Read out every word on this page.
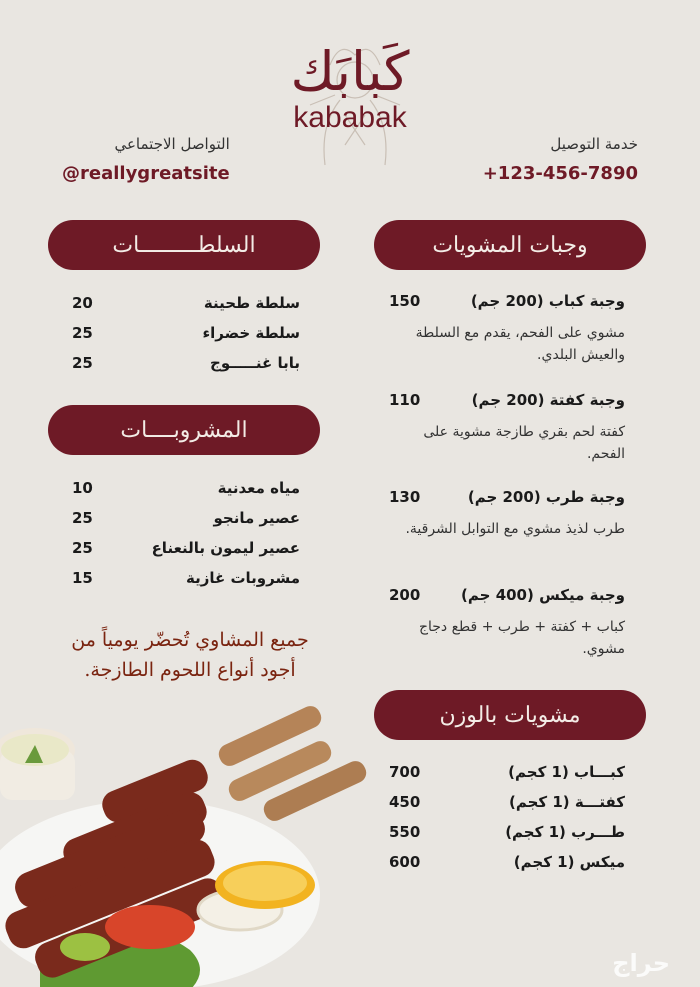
كَبابَك
kababak
خدمة التوصيل
+123-456-7890
التواصل الاجتماعي
@reallygreatsite
وجبات المشويات
وجبة كباب (200 جم)
150
مشوي على الفحم، يقدم مع السلطة والعيش البلدي.
وجبة كفتة (200 جم)
110
كفتة لحم بقري طازجة مشوية على الفحم.
وجبة طرب (200 جم)
130
طرب لذيذ مشوي مع التوابل الشرقية.
وجبة ميكس (400 جم)
200
كباب + كفتة + طرب + قطع دجاج مشوي.
مشويات بالوزن
كبـــاب (1 كجم)
700
كفتـــة (1 كجم)
450
طـــرب (1 كجم)
550
ميكس (1 كجم)
600
السلطـــــــــات
سلطة طحينة
20
سلطة خضراء
25
بابا غنـــــوج
25
المشروبــــات
مياه معدنية
10
عصير مانجو
25
عصير ليمون بالنعناع
25
مشروبات غازية
15
جميع المشاوي تُحضّر يومياً من
أجود أنواع اللحوم الطازجة.
حراج
